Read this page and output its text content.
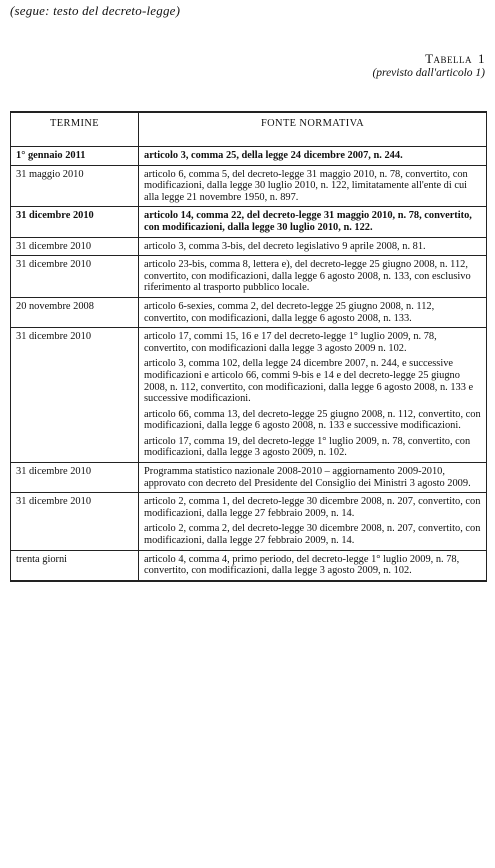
(segue: testo del decreto-legge)
Tabella 1
(previsto dall'articolo 1)
TERMINE	FONTE NORMATIVA
1° gennaio 2011	articolo 3, comma 25, della legge 24 dicembre 2007, n. 244.

31 maggio 2010	articolo 6, comma 5, del decreto-legge 31 maggio 2010, n. 78, convertito, con modificazioni, dalla legge 30 luglio 2010, n. 122, limitatamente all'ente di cui alla legge 21 novembre 1950, n. 897.

31 dicembre 2010	articolo 14, comma 22, del decreto-legge 31 maggio 2010, n. 78, convertito, con modificazioni, dalla legge 30 luglio 2010, n. 122.

31 dicembre 2010	articolo 3, comma 3-bis, del decreto legislativo 9 aprile 2008, n. 81.

31 dicembre 2010	articolo 23-bis, comma 8, lettera e), del decreto-legge 25 giugno 2008, n. 112, convertito, con modificazioni, dalla legge 6 agosto 2008, n. 133, con esclusivo riferimento al trasporto pubblico locale.

20 novembre 2008	articolo 6-sexies, comma 2, del decreto-legge 25 giugno 2008, n. 112, convertito, con modificazioni, dalla legge 6 agosto 2008, n. 133.

31 dicembre 2010	articolo 17, commi 15, 16 e 17 del decreto-legge 1° luglio 2009, n. 78, convertito, con modificazioni dalla legge 3 agosto 2009 n. 102.
articolo 3, comma 102, della legge 24 dicembre 2007, n. 244, e successive modificazioni e articolo 66, commi 9-bis e 14 e del decreto-legge 25 giugno 2008, n. 112, convertito, con modificazioni, dalla legge 6 agosto 2008, n. 133 e successive modificazioni.
articolo 66, comma 13, del decreto-legge 25 giugno 2008, n. 112, convertito, con modificazioni, dalla legge 6 agosto 2008, n. 133 e successive modificazioni.
articolo 17, comma 19, del decreto-legge 1° luglio 2009, n. 78, convertito, con modificazioni, dalla legge 3 agosto 2009, n. 102.

31 dicembre 2010	Programma statistico nazionale 2008-2010 – aggiornamento 2009-2010, approvato con decreto del Presidente del Consiglio dei Ministri 3 agosto 2009.

31 dicembre 2010	articolo 2, comma 1, del decreto-legge 30 dicembre 2008, n. 207, convertito, con modificazioni, dalla legge 27 febbraio 2009, n. 14.
articolo 2, comma 2, del decreto-legge 30 dicembre 2008, n. 207, convertito, con modificazioni, dalla legge 27 febbraio 2009, n. 14.

trenta giorni	articolo 4, comma 4, primo periodo, del decreto-legge 1° luglio 2009, n. 78, convertito, con modificazioni, dalla legge 3 agosto 2009, n. 102.
